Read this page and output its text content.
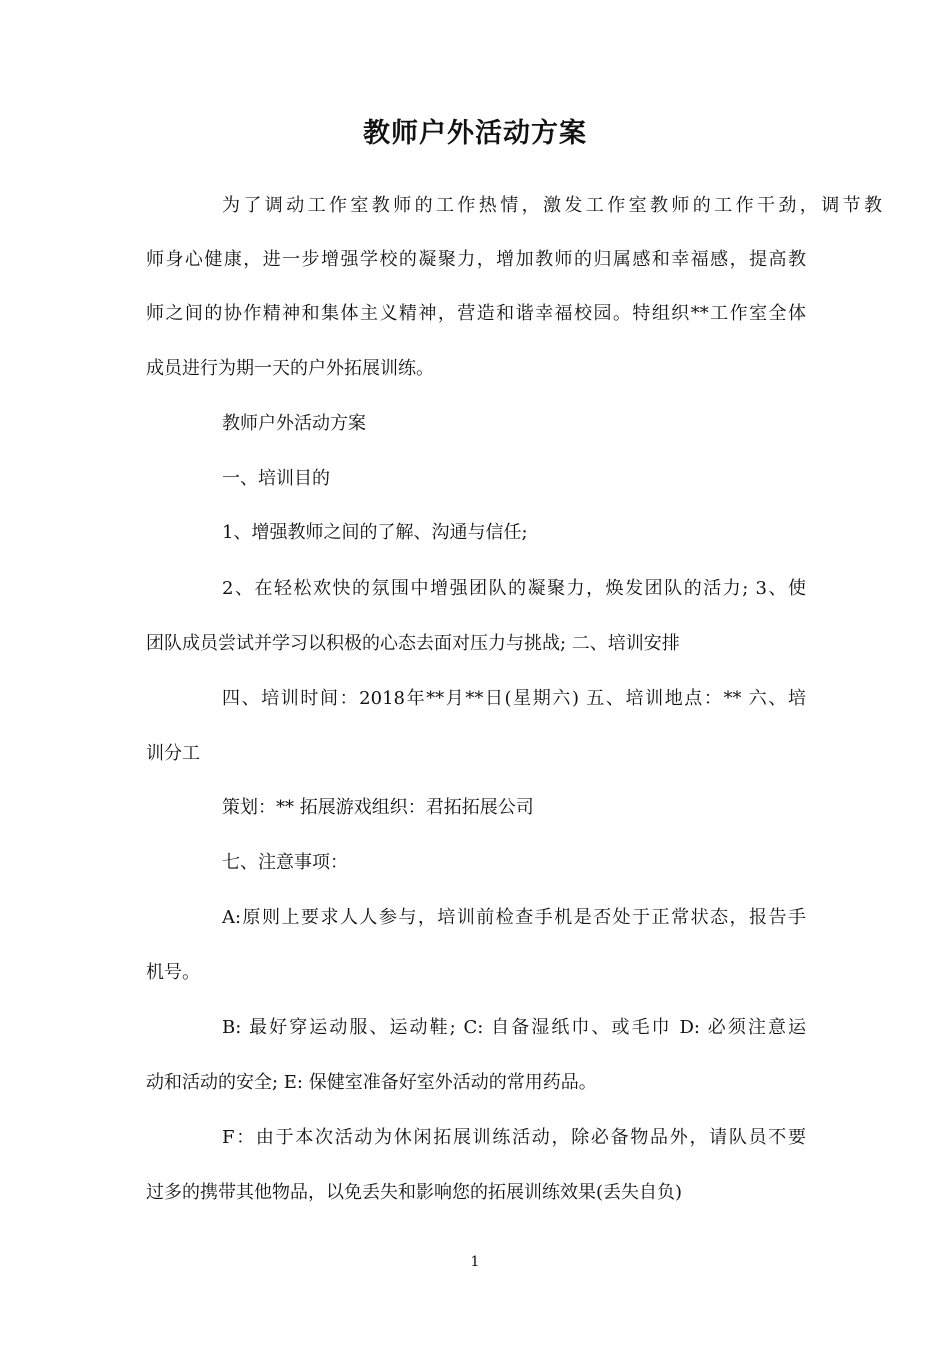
教师户外活动方案
为了调动工作室教师的工作热情，激发工作室教师的工作干劲，调节教
师身心健康，进一步增强学校的凝聚力，增加教师的归属感和幸福感，提高教
师之间的协作精神和集体主义精神，营造和谐幸福校园。特组织**工作室全体
成员进行为期一天的户外拓展训练。
教师户外活动方案
一、培训目的
1、增强教师之间的了解、沟通与信任;
2、在轻松欢快的氛围中增强团队的凝聚力，焕发团队的活力; 3、使
团队成员尝试并学习以积极的心态去面对压力与挑战; 二、培训安排
四、培训时间：2018年**月**日(星期六) 五、培训地点：** 六、培
训分工
策划：** 拓展游戏组织：君拓拓展公司
七、注意事项：
A:原则上要求人人参与，培训前检查手机是否处于正常状态，报告手
机号。
B: 最好穿运动服、运动鞋; C: 自备湿纸巾、或毛巾 D: 必须注意运
动和活动的安全; E: 保健室准备好室外活动的常用药品。
F：由于本次活动为休闲拓展训练活动，除必备物品外，请队员不要
过多的携带其他物品，以免丢失和影响您的拓展训练效果(丢失自负)
1
